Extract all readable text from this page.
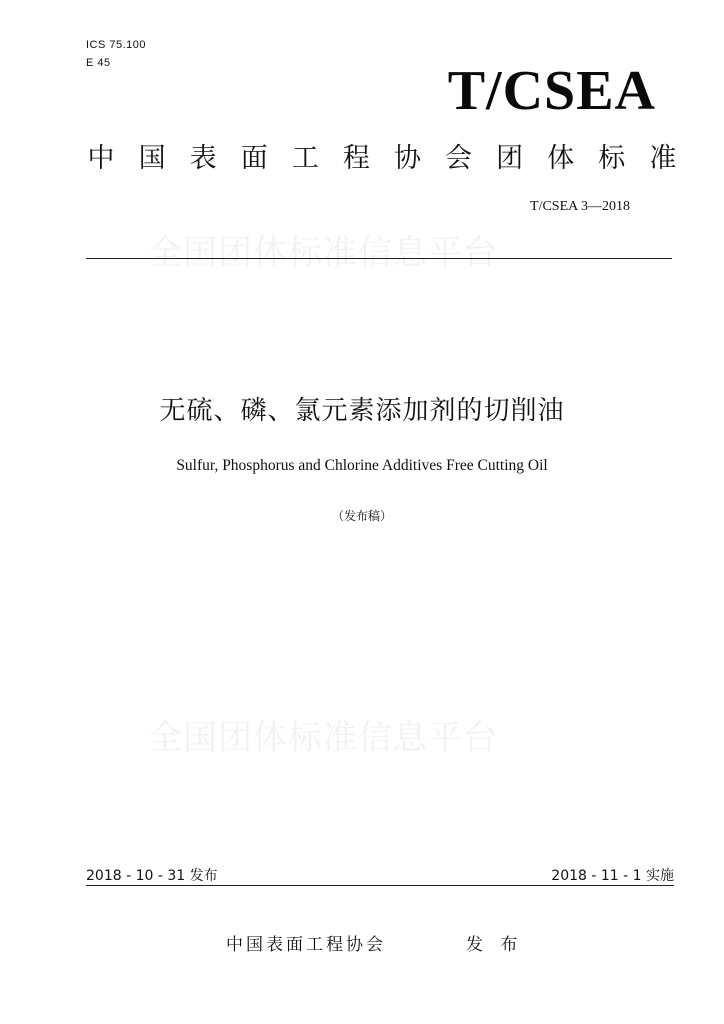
ICS 75.100
E 45	T/CSEA
中 国 表 面 工 程 协 会 团 体 标 准
T/CSEA 3—2018
全国团体标准信息平台
全国团体标准信息平台
无硫、磷、氯元素添加剂的切削油
Sulfur, Phosphorus and Chlorine Additives Free Cutting Oil
（发布稿）
2018 - 10 - 31 发布	2018 - 11 - 1 实施
中国表面工程协会	发 布
